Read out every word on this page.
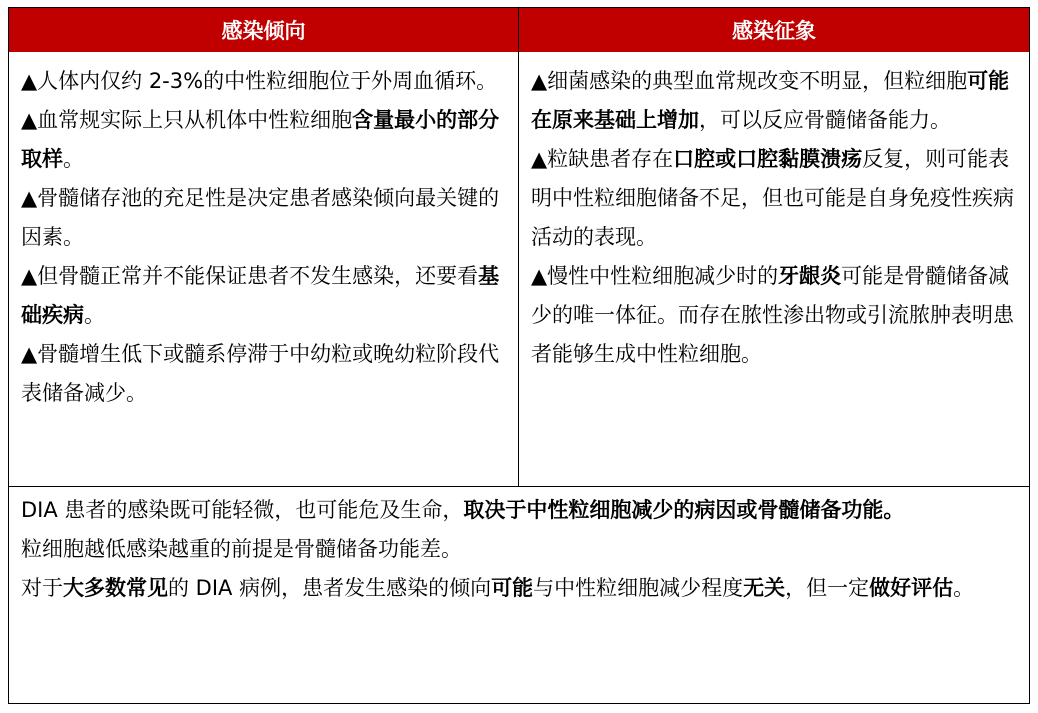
感染倾向	感染征象

▲人体内仅约 2-3%的中性粒细胞位于外周血循环。

▲血常规实际上只从机体中性粒细胞含量最小的部分取样。

▲骨髓储存池的充足性是决定患者感染倾向最关键的因素。

▲但骨髓正常并不能保证患者不发生感染，还要看基础疾病。

▲骨髓增生低下或髓系停滞于中幼粒或晚幼粒阶段代表储备减少。

▲细菌感染的典型血常规改变不明显，但粒细胞可能在原来基础上增加，可以反应骨髓储备能力。

▲粒缺患者存在口腔或口腔黏膜溃疡反复，则可能表明中性粒细胞储备不足，但也可能是自身免疫性疾病活动的表现。

▲慢性中性粒细胞减少时的牙龈炎可能是骨髓储备减少的唯一体征。而存在脓性渗出物或引流脓肿表明患者能够生成中性粒细胞。

DIA 患者的感染既可能轻微，也可能危及生命，取决于中性粒细胞减少的病因或骨髓储备功能。

粒细胞越低感染越重的前提是骨髓储备功能差。

对于大多数常见的 DIA 病例，患者发生感染的倾向可能与中性粒细胞减少程度无关，但一定做好评估。
